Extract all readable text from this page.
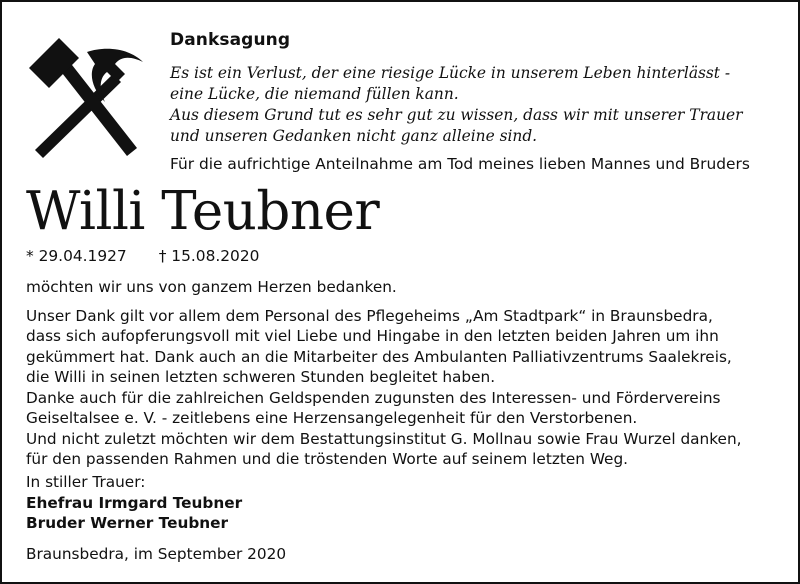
Danksagung
Es ist ein Verlust, der eine riesige Lücke in unserem Leben hinterlässt -
eine Lücke, die niemand füllen kann.
Aus diesem Grund tut es sehr gut zu wissen, dass wir mit unserer Trauer
und unseren Gedanken nicht ganz alleine sind.
Für die aufrichtige Anteilnahme am Tod meines lieben Mannes und Bruders
Willi Teubner
* 29.04.1927 † 15.08.2020
möchten wir uns von ganzem Herzen bedanken.
Unser Dank gilt vor allem dem Personal des Pflegeheims „Am Stadtpark“ in Braunsbedra,
dass sich aufopferungsvoll mit viel Liebe und Hingabe in den letzten beiden Jahren um ihn
gekümmert hat. Dank auch an die Mitarbeiter des Ambulanten Palliativzentrums Saalekreis,
die Willi in seinen letzten schweren Stunden begleitet haben.
Danke auch für die zahlreichen Geldspenden zugunsten des Interessen- und Fördervereins
Geiseltalsee e. V. - zeitlebens eine Herzensangelegenheit für den Verstorbenen.
Und nicht zuletzt möchten wir dem Bestattungsinstitut G. Mollnau sowie Frau Wurzel danken,
für den passenden Rahmen und die tröstenden Worte auf seinem letzten Weg.
In stiller Trauer:
Ehefrau Irmgard Teubner
Bruder Werner Teubner
Braunsbedra, im September 2020
